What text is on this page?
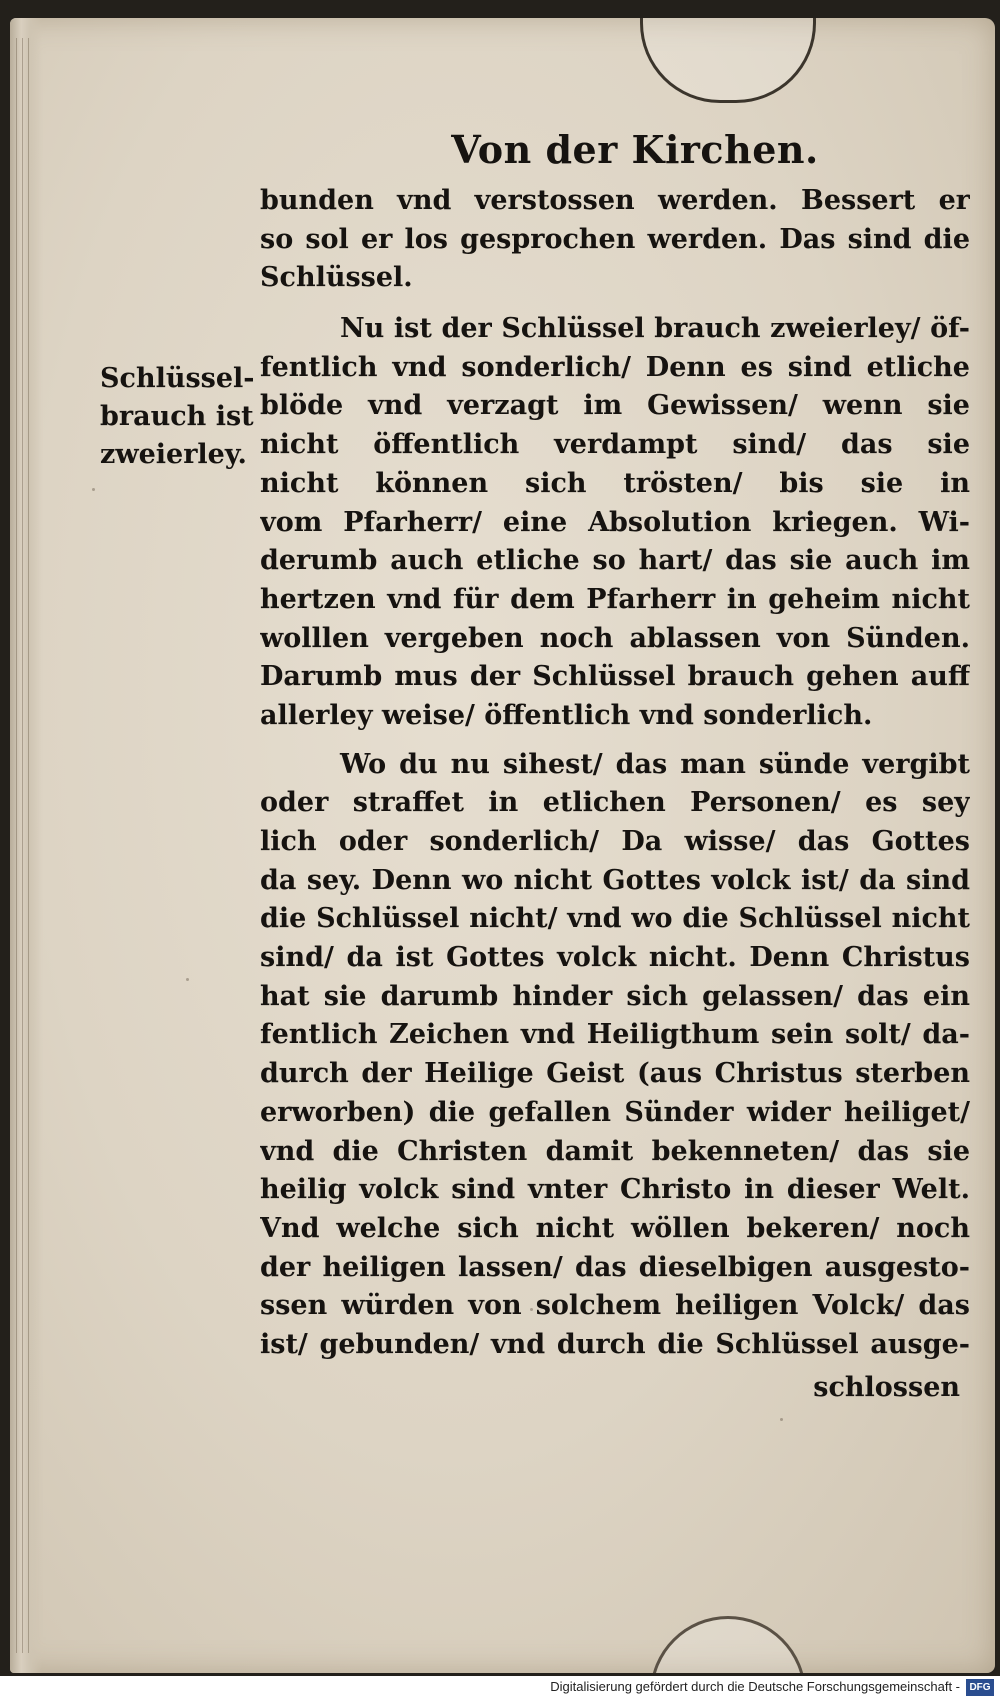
Schlüssel-
brauch ist
zweierley.
Von der Kirchen.
bunden vnd verstossen werden. Bessert er
so sol er los gesprochen werden. Das sind die
Schlüssel.
Nu ist der Schlüssel brauch zweierley/ öf-
fentlich vnd sonderlich/ Denn es sind etliche
blöde vnd verzagt im Gewissen/ wenn sie
nicht öffentlich verdampt sind/ das sie
nicht können sich trösten/ bis sie in
vom Pfarherr/ eine Absolution kriegen. Wi-
derumb auch etliche so hart/ das sie auch im
hertzen vnd für dem Pfarherr in geheim nicht
wolllen vergeben noch ablassen von Sünden.
Darumb mus der Schlüssel brauch gehen auff
allerley weise/ öffentlich vnd sonderlich.
Wo du nu sihest/ das man sünde vergibt
oder straffet in etlichen Personen/ es sey
lich oder sonderlich/ Da wisse/ das Gottes
da sey. Denn wo nicht Gottes volck ist/ da sind
die Schlüssel nicht/ vnd wo die Schlüssel nicht
sind/ da ist Gottes volck nicht. Denn Christus
hat sie darumb hinder sich gelassen/ das ein
fentlich Zeichen vnd Heiligthum sein solt/ da-
durch der Heilige Geist (aus Christus sterben
erworben) die gefallen Sünder wider heiliget/
vnd die Christen damit bekenneten/ das sie
heilig volck sind vnter Christo in dieser Welt.
Vnd welche sich nicht wöllen bekeren/ noch
der heiligen lassen/ das dieselbigen ausgesto-
ssen würden von solchem heiligen Volck/ das
ist/ gebunden/ vnd durch die Schlüssel ausge-
schlossen
Digitalisierung gefördert durch die Deutsche Forschungsgemeinschaft - DFG
